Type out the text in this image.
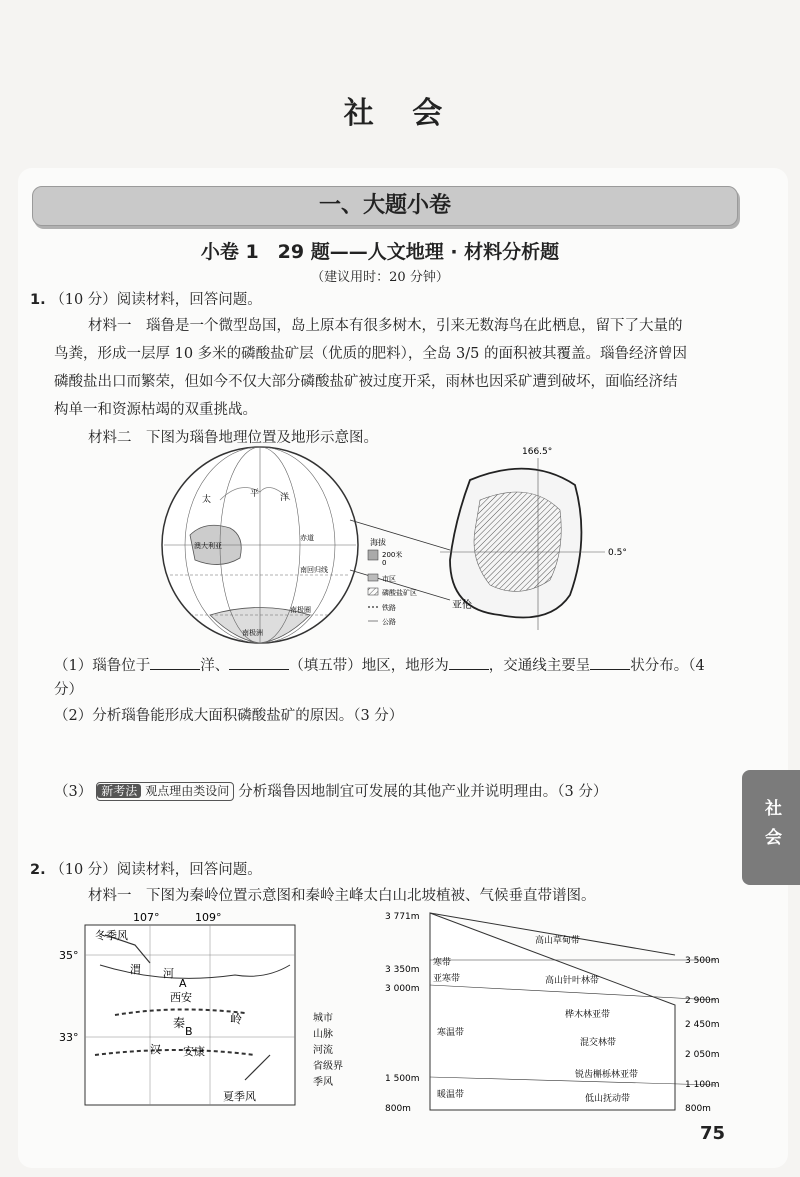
社 会
一、大题小卷
小卷 1　29 题——人文地理 · 材料分析题
（建议用时：20 分钟）
1. （10 分）阅读材料，回答问题。
材料一　瑙鲁是一个微型岛国，岛上原本有很多树木，引来无数海鸟在此栖息，留下了大量的
鸟粪，形成一层厚 10 多米的磷酸盐矿层（优质的肥料），全岛 3/5 的面积被其覆盖。瑙鲁经济曾因
磷酸盐出口而繁荣，但如今不仅大部分磷酸盐矿被过度开采，雨林也因采矿遭到破坏，面临经济结
构单一和资源枯竭的双重挑战。
材料二　下图为瑙鲁地理位置及地形示意图。
太
平 洋
赤道
澳大利亚
南回归线
南极洲
南极圈
166.5°
0.5°
亚伦
海拔
200米
0
市区
磷酸盐矿区
铁路
公路
（1）瑙鲁位于	洋、	（填五带）地区，地形为	，交通线主要呈	状分布。（4
分）
（2）分析瑙鲁能形成大面积磷酸盐矿的原因。（3 分）
（3） 新考法 观点理由类设问 分析瑙鲁因地制宜可发展的其他产业并说明理由。（3 分）
2. （10 分）阅读材料，回答问题。
材料一　下图为秦岭位置示意图和秦岭主峰太白山北坡植被、气候垂直带谱图。
107°	109°
35°
33°
冬季风
渭 河
A
西安
秦	岭
B
汉 安康
夏季风
城市
山脉
河流
省级界
季风
3 771m
3 350m
3 000m
1 500m
800m
3 500m
2 900m
2 450m
2 050m
1 100m
800m
寒带
亚寒带
寒温带
暖温带
高山草甸带
高山针叶林带
桦木林亚带
混交林带
锐齿槲栎林亚带
低山抚动带
社会
75
